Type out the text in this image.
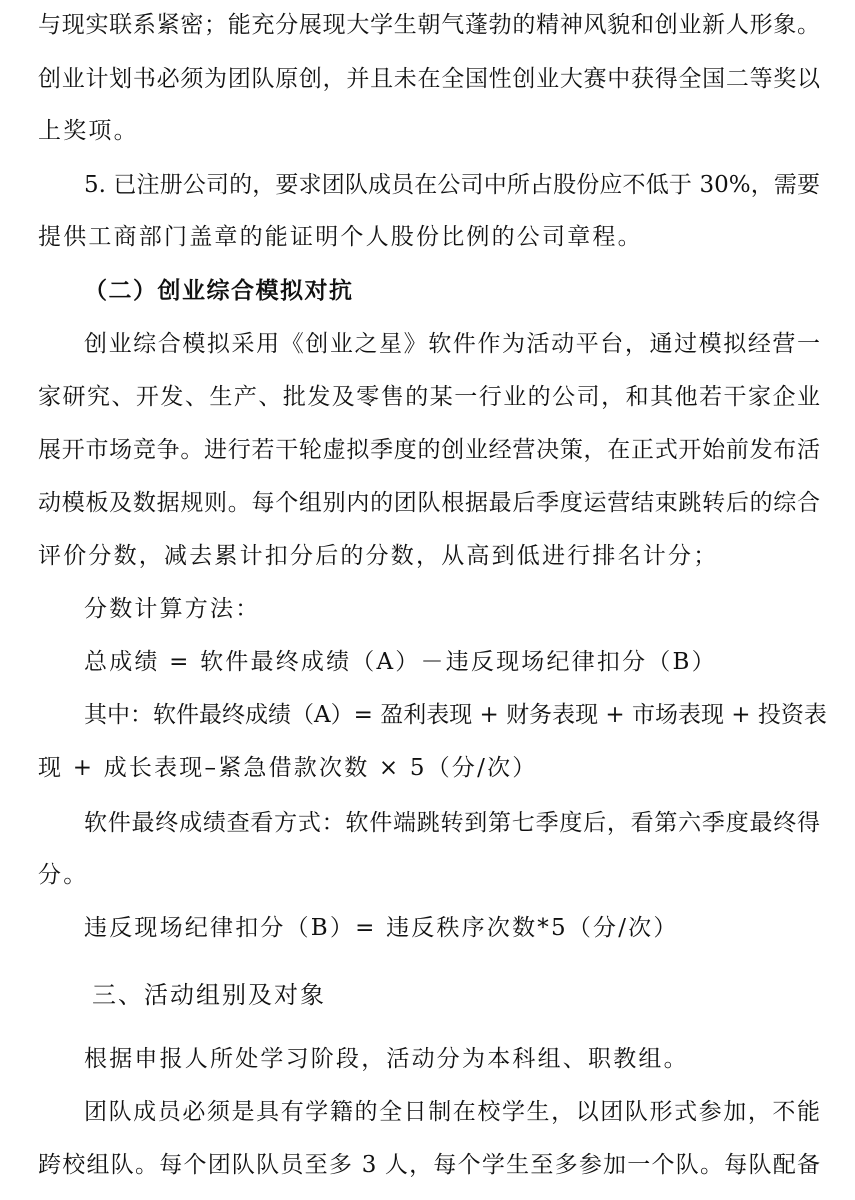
与现实联系紧密；能充分展现大学生朝气蓬勃的精神风貌和创业新人形象。
创业计划书必须为团队原创，并且未在全国性创业大赛中获得全国二等奖以
上奖项。
5. 已注册公司的，要求团队成员在公司中所占股份应不低于 30%，需要
提供工商部门盖章的能证明个人股份比例的公司章程。
（二）创业综合模拟对抗
创业综合模拟采用《创业之星》软件作为活动平台，通过模拟经营一
家研究、开发、生产、批发及零售的某一行业的公司，和其他若干家企业
展开市场竞争。进行若干轮虚拟季度的创业经营决策，在正式开始前发布活
动模板及数据规则。每个组别内的团队根据最后季度运营结束跳转后的综合
评价分数，减去累计扣分后的分数，从高到低进行排名计分；
分数计算方法：
总成绩 = 软件最终成绩（A）－违反现场纪律扣分（B）
其中：软件最终成绩（A）= 盈利表现 + 财务表现 + 市场表现 + 投资表
现 + 成长表现–紧急借款次数 × 5（分/次）
软件最终成绩查看方式：软件端跳转到第七季度后，看第六季度最终得
分。
违反现场纪律扣分（B）= 违反秩序次数*5（分/次）
三、活动组别及对象
根据申报人所处学习阶段，活动分为本科组、职教组。
团队成员必须是具有学籍的全日制在校学生，以团队形式参加，不能
跨校组队。每个团队队员至多 3 人，每个学生至多参加一个队。每队配备
